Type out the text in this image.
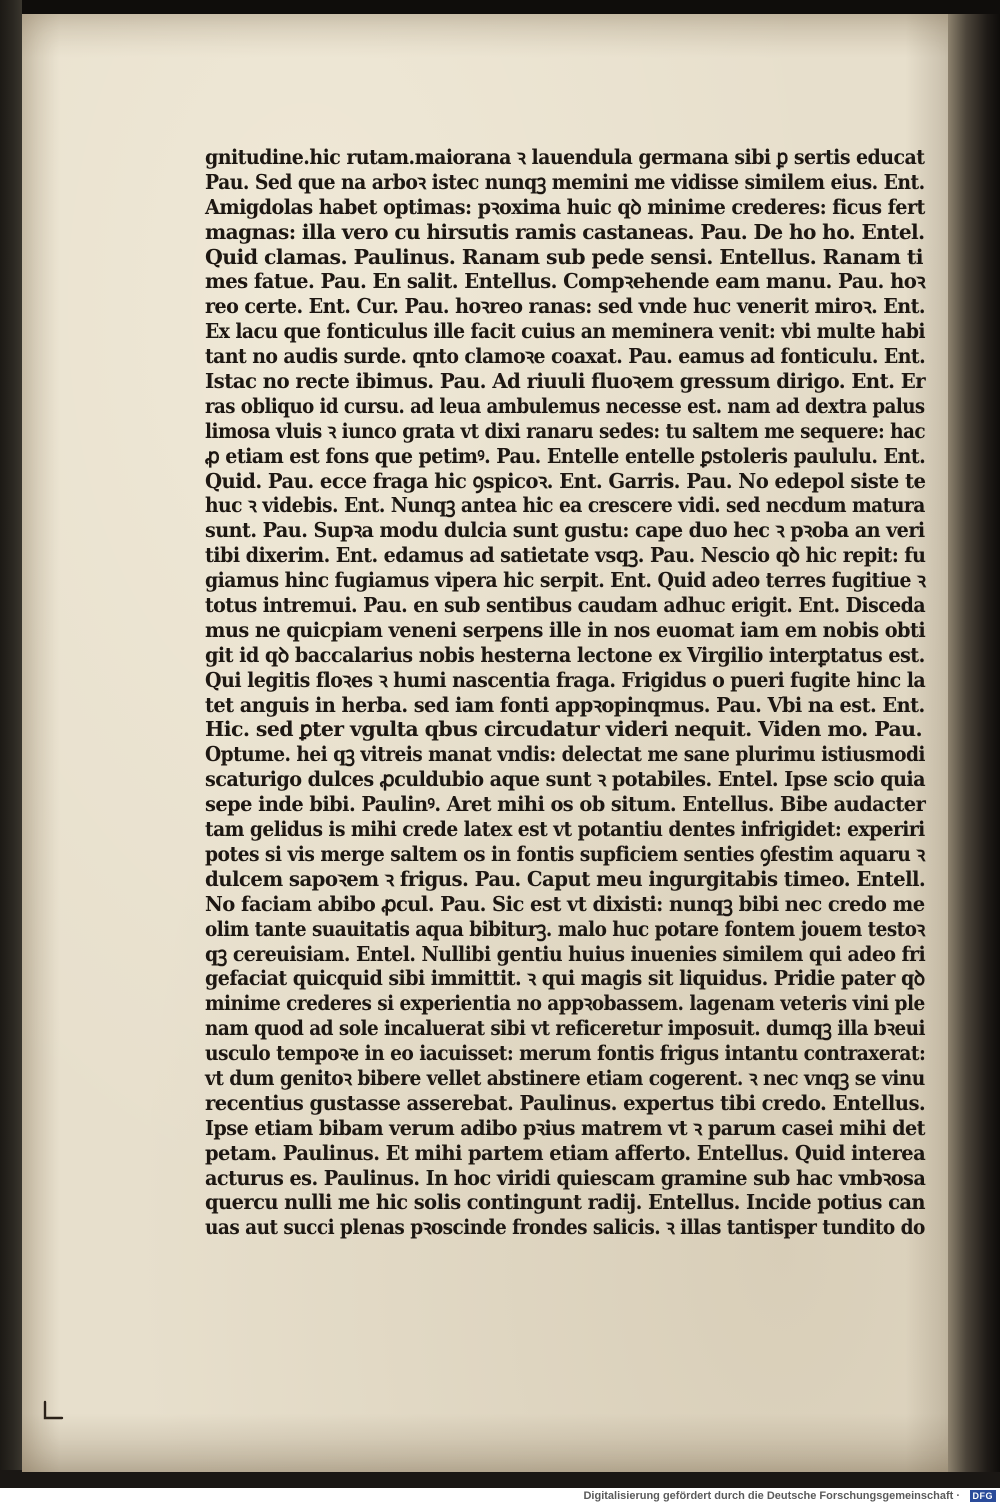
gnitudine.hic rutam.maiorana ꝛ lauendula germana sibi ꝑ sertis educat
Pau. Sed que na arboꝛ istec nunqꝫ memini me vidisse similem eius. Ent.
Amigdolas habet optimas: pꝛoxima huic qꝺ minime crederes: ficus fert
magnas: illa vero cu hirsutis ramis castaneas. Pau. De ho ho. Entel.
Quid clamas. Paulinus. Ranam sub pede sensi. Entellus. Ranam ti
mes fatue. Pau. En salit. Entellus. Compꝛehende eam manu. Pau. hoꝛ
reo certe. Ent. Cur. Pau. hoꝛreo ranas: sed vnde huc venerit miroꝛ. Ent.
Ex lacu que fonticulus ille facit cuius an meminera venit: vbi multe habi
tant no audis surde. qnto clamoꝛe coaxat. Pau. eamus ad fonticulu. Ent.
Istac no recte ibimus. Pau. Ad riuuli fluoꝛem gressum dirigo. Ent. Er
ras obliquo id cursu. ad leua ambulemus necesse est. nam ad dextra palus
limosa vluis ꝛ iunco grata vt dixi ranaru sedes: tu saltem me sequere: hac
ꝓ etiam est fons que petimꝰ. Pau. Entelle entelle ꝑstoleris paululu. Ent.
Quid. Pau. ecce fraga hic ꝯspicoꝛ. Ent. Garris. Pau. No edepol siste te
huc ꝛ videbis. Ent. Nunqꝫ antea hic ea crescere vidi. sed necdum matura
sunt. Pau. Supꝛa modu dulcia sunt gustu: cape duo hec ꝛ pꝛoba an veri
tibi dixerim. Ent. edamus ad satietate vsqꝫ. Pau. Nescio qꝺ hic repit: fu
giamus hinc fugiamus vipera hic serpit. Ent. Quid adeo terres fugitiue ꝛ
totus intremui. Pau. en sub sentibus caudam adhuc erigit. Ent. Disceda
mus ne quicpiam veneni serpens ille in nos euomat iam em nobis obti
git id qꝺ baccalarius nobis hesterna lectone ex Virgilio interꝑtatus est.
Qui legitis floꝛes ꝛ humi nascentia fraga. Frigidus o pueri fugite hinc la
tet anguis in herba. sed iam fonti appꝛopinqmus. Pau. Vbi na est. Ent.
Hic. sed ꝑter vgulta qbus circudatur videri nequit. Viden mo. Pau.
Optume. hei qꝫ vitreis manat vndis: delectat me sane plurimu istiusmodi
scaturigo dulces ꝓculdubio aque sunt ꝛ potabiles. Entel. Ipse scio quia
sepe inde bibi. Paulinꝰ. Aret mihi os ob situm. Entellus. Bibe audacter
tam gelidus is mihi crede latex est vt potantiu dentes infrigidet: experiri
potes si vis merge saltem os in fontis supficiem senties ꝯfestim aquaru ꝛ
dulcem sapoꝛem ꝛ frigus. Pau. Caput meu ingurgitabis timeo. Entell.
No faciam abibo ꝓcul. Pau. Sic est vt dixisti: nunqꝫ bibi nec credo me
olim tante suauitatis aqua bibiturꝫ. malo huc potare fontem jouem testoꝛ
qꝫ cereuisiam. Entel. Nullibi gentiu huius inuenies similem qui adeo fri
gefaciat quicquid sibi immittit. ꝛ qui magis sit liquidus. Pridie pater qꝺ
minime crederes si experientia no appꝛobassem. lagenam veteris vini ple
nam quod ad sole incaluerat sibi vt reficeretur imposuit. dumqꝫ illa bꝛeui
usculo tempoꝛe in eo iacuisset: merum fontis frigus intantu contraxerat:
vt dum genitoꝛ bibere vellet abstinere etiam cogerent. ꝛ nec vnqꝫ se vinu
recentius gustasse asserebat. Paulinus. expertus tibi credo. Entellus.
Ipse etiam bibam verum adibo pꝛius matrem vt ꝛ parum casei mihi det
petam. Paulinus. Et mihi partem etiam afferto. Entellus. Quid interea
acturus es. Paulinus. In hoc viridi quiescam gramine sub hac vmbꝛosa
quercu nulli me hic solis contingunt radij. Entellus. Incide potius can
uas aut succi plenas pꝛoscinde frondes salicis. ꝛ illas tantisper tundito do
Digitalisierung gefördert durch die Deutsche Forschungsgemeinschaft ·	DFG
